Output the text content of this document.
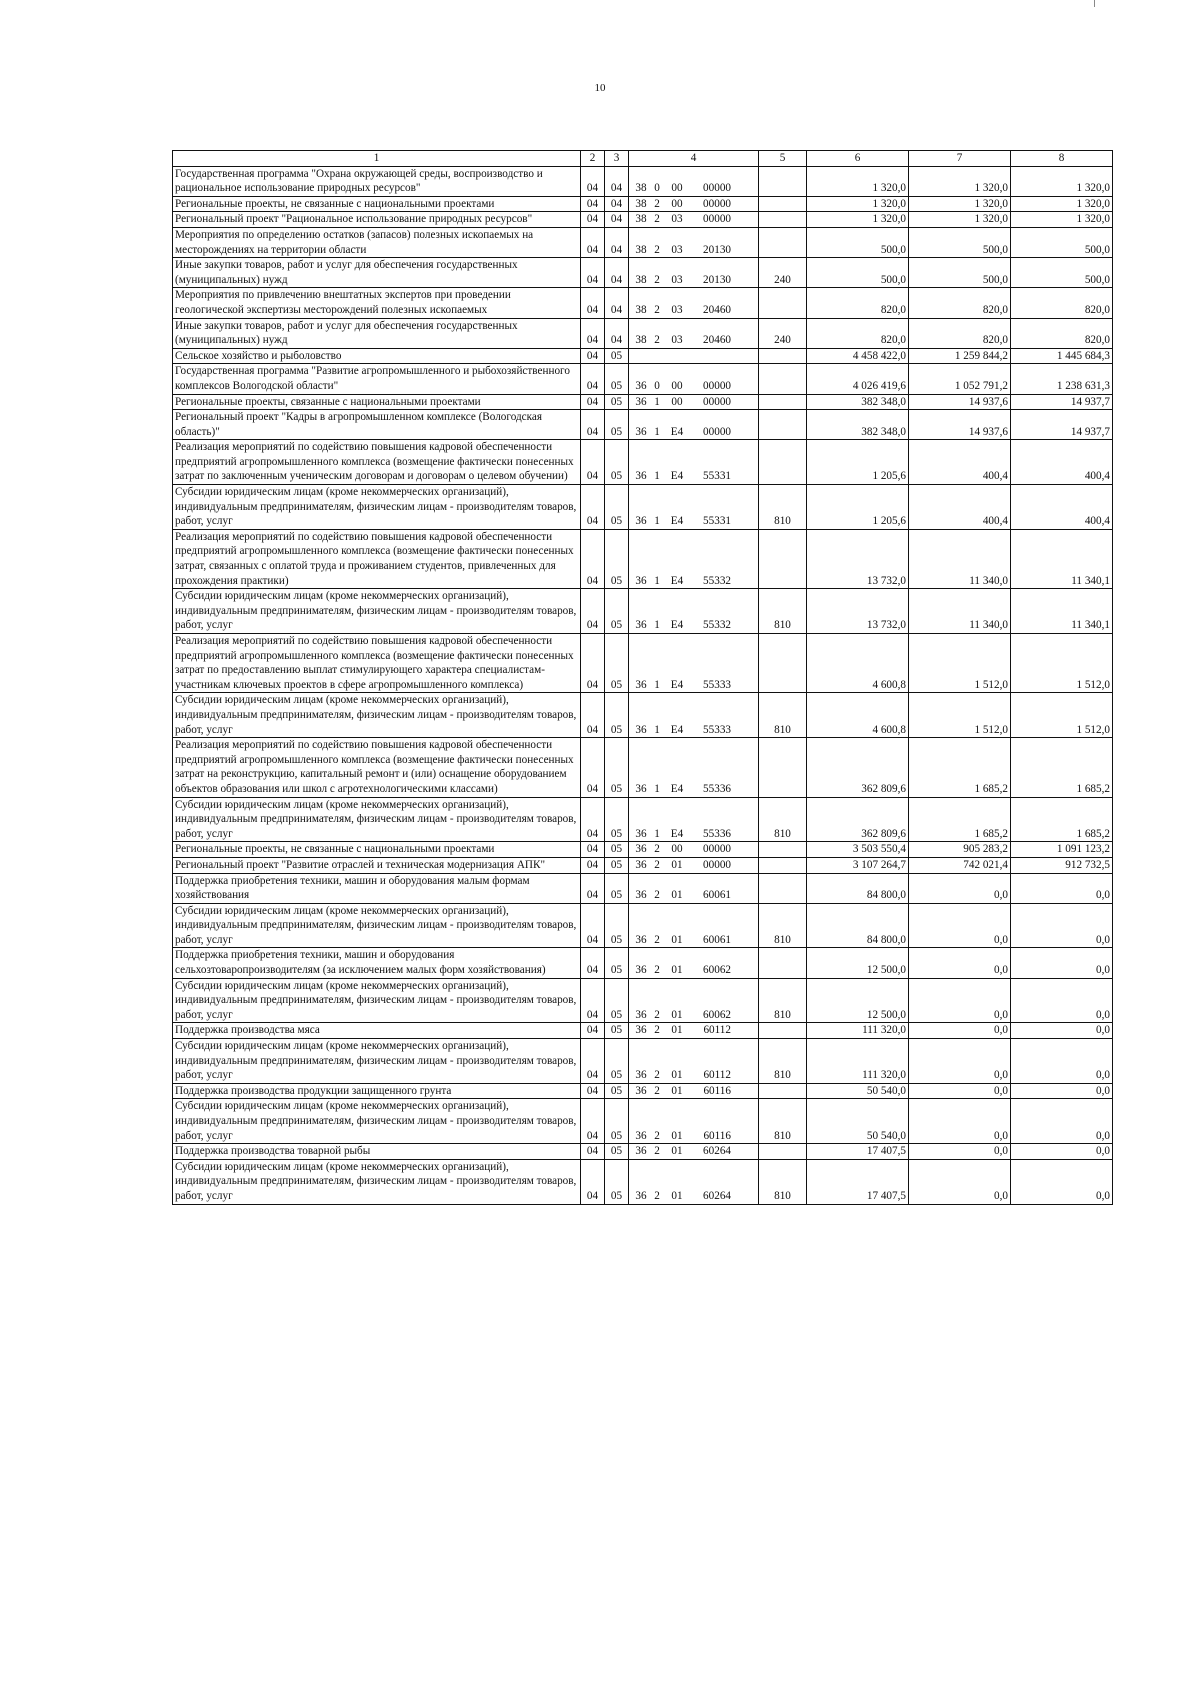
10
1	2	3	4	5	6	7	8
Государственная программа "Охрана окружающей среды, воспроизводство и рациональное использование природных ресурсов"	04	04	38 0 00 00000		1 320,0	1 320,0	1 320,0
Региональные проекты, не связанные с национальными проектами	04	04	38 2 00 00000		1 320,0	1 320,0	1 320,0
Региональный проект "Рациональное использование природных ресурсов"	04	04	38 2 03 00000		1 320,0	1 320,0	1 320,0
Мероприятия по определению остатков (запасов) полезных ископаемых на месторождениях на территории области	04	04	38 2 03 20130		500,0	500,0	500,0
Иные закупки товаров, работ и услуг для обеспечения государственных (муниципальных) нужд	04	04	38 2 03 20130	240	500,0	500,0	500,0
Мероприятия по привлечению внештатных экспертов при проведении геологической экспертизы месторождений полезных ископаемых	04	04	38 2 03 20460		820,0	820,0	820,0
Иные закупки товаров, работ и услуг для обеспечения государственных (муниципальных) нужд	04	04	38 2 03 20460	240	820,0	820,0	820,0
Сельское хозяйство и рыболовство	04	05			4 458 422,0	1 259 844,2	1 445 684,3
Государственная программа "Развитие агропромышленного и рыбохозяйственного комплексов Вологодской области"	04	05	36 0 00 00000		4 026 419,6	1 052 791,2	1 238 631,3
Региональные проекты, связанные с национальными проектами	04	05	36 1 00 00000		382 348,0	14 937,6	14 937,7
Региональный проект "Кадры в агропромышленном комплексе (Вологодская область)"	04	05	36 1 Е4 00000		382 348,0	14 937,6	14 937,7
Реализация мероприятий по содействию повышения кадровой обеспеченности предприятий агропромышленного комплекса (возмещение фактически понесенных затрат по заключенным ученическим договорам и договорам о целевом обучении)	04	05	36 1 Е4 55331		1 205,6	400,4	400,4
Субсидии юридическим лицам (кроме некоммерческих организаций), индивидуальным предпринимателям, физическим лицам - производителям товаров, работ, услуг	04	05	36 1 Е4 55331	810	1 205,6	400,4	400,4
Реализация мероприятий по содействию повышения кадровой обеспеченности предприятий агропромышленного комплекса (возмещение фактически понесенных затрат, связанных с оплатой труда и проживанием студентов, привлеченных для прохождения практики)	04	05	36 1 Е4 55332		13 732,0	11 340,0	11 340,1
Субсидии юридическим лицам (кроме некоммерческих организаций), индивидуальным предпринимателям, физическим лицам - производителям товаров, работ, услуг	04	05	36 1 Е4 55332	810	13 732,0	11 340,0	11 340,1
Реализация мероприятий по содействию повышения кадровой обеспеченности предприятий агропромышленного комплекса (возмещение фактически понесенных затрат по предоставлению выплат стимулирующего характера специалистам-участникам ключевых проектов в сфере агропромышленного комплекса)	04	05	36 1 Е4 55333		4 600,8	1 512,0	1 512,0
Субсидии юридическим лицам (кроме некоммерческих организаций), индивидуальным предпринимателям, физическим лицам - производителям товаров, работ, услуг	04	05	36 1 Е4 55333	810	4 600,8	1 512,0	1 512,0
Реализация мероприятий по содействию повышения кадровой обеспеченности предприятий агропромышленного комплекса (возмещение фактически понесенных затрат на реконструкцию, капитальный ремонт и (или) оснащение оборудованием объектов образования или школ с агротехнологическими классами)	04	05	36 1 Е4 55336		362 809,6	1 685,2	1 685,2
Субсидии юридическим лицам (кроме некоммерческих организаций), индивидуальным предпринимателям, физическим лицам - производителям товаров, работ, услуг	04	05	36 1 Е4 55336	810	362 809,6	1 685,2	1 685,2
Региональные проекты, не связанные с национальными проектами	04	05	36 2 00 00000		3 503 550,4	905 283,2	1 091 123,2
Региональный проект "Развитие отраслей и техническая модернизация АПК"	04	05	36 2 01 00000		3 107 264,7	742 021,4	912 732,5
Поддержка приобретения техники, машин и оборудования малым формам хозяйствования	04	05	36 2 01 60061		84 800,0	0,0	0,0
Субсидии юридическим лицам (кроме некоммерческих организаций), индивидуальным предпринимателям, физическим лицам - производителям товаров, работ, услуг	04	05	36 2 01 60061	810	84 800,0	0,0	0,0
Поддержка приобретения техники, машин и оборудования сельхозтоваропроизводителям (за исключением малых форм хозяйствования)	04	05	36 2 01 60062		12 500,0	0,0	0,0
Субсидии юридическим лицам (кроме некоммерческих организаций), индивидуальным предпринимателям, физическим лицам - производителям товаров, работ, услуг	04	05	36 2 01 60062	810	12 500,0	0,0	0,0
Поддержка производства мяса	04	05	36 2 01 60112		111 320,0	0,0	0,0
Субсидии юридическим лицам (кроме некоммерческих организаций), индивидуальным предпринимателям, физическим лицам - производителям товаров, работ, услуг	04	05	36 2 01 60112	810	111 320,0	0,0	0,0
Поддержка производства продукции защищенного грунта	04	05	36 2 01 60116		50 540,0	0,0	0,0
Субсидии юридическим лицам (кроме некоммерческих организаций), индивидуальным предпринимателям, физическим лицам - производителям товаров, работ, услуг	04	05	36 2 01 60116	810	50 540,0	0,0	0,0
Поддержка производства товарной рыбы	04	05	36 2 01 60264		17 407,5	0,0	0,0
Субсидии юридическим лицам (кроме некоммерческих организаций), индивидуальным предпринимателям, физическим лицам - производителям товаров, работ, услуг	04	05	36 2 01 60264	810	17 407,5	0,0	0,0
